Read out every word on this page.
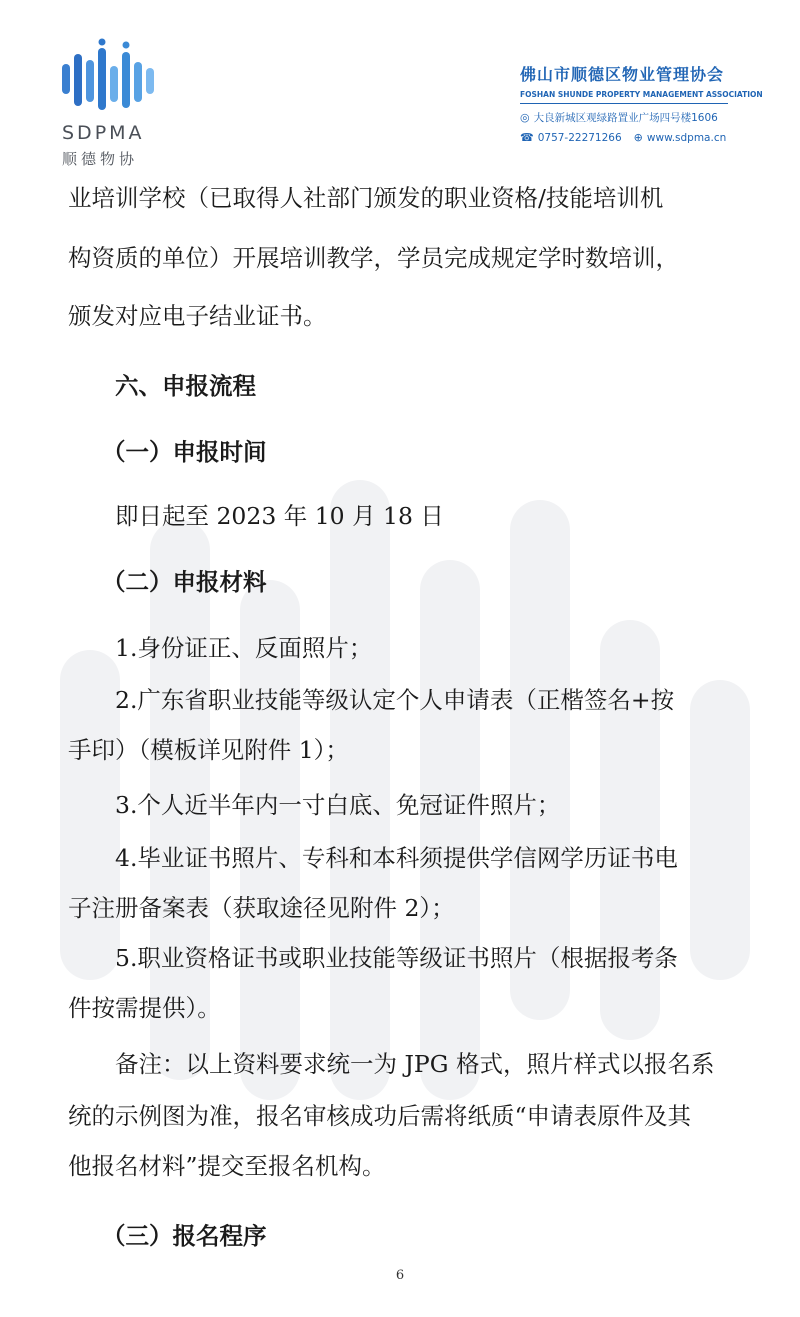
SDPMA
顺德物协
佛山市顺德区物业管理协会
FOSHAN SHUNDE PROPERTY MANAGEMENT ASSOCIATION
◎ 大良新城区观绿路置业广场四号楼1606
☎ 0757-22271266 ⊕ www.sdpma.cn
业培训学校（已取得人社部门颁发的职业资格/技能培训机
构资质的单位）开展培训教学，学员完成规定学时数培训，
颁发对应电子结业证书。
六、申报流程
（一）申报时间
即日起至 2023 年 10 月 18 日
（二）申报材料
1.身份证正、反面照片；
2.广东省职业技能等级认定个人申请表（正楷签名+按
手印）（模板详见附件 1）；
3.个人近半年内一寸白底、免冠证件照片；
4.毕业证书照片、专科和本科须提供学信网学历证书电
子注册备案表（获取途径见附件 2）；
5.职业资格证书或职业技能等级证书照片（根据报考条
件按需提供）。
备注：以上资料要求统一为 JPG 格式，照片样式以报名系
统的示例图为准，报名审核成功后需将纸质“申请表原件及其
他报名材料”提交至报名机构。
（三）报名程序
6
